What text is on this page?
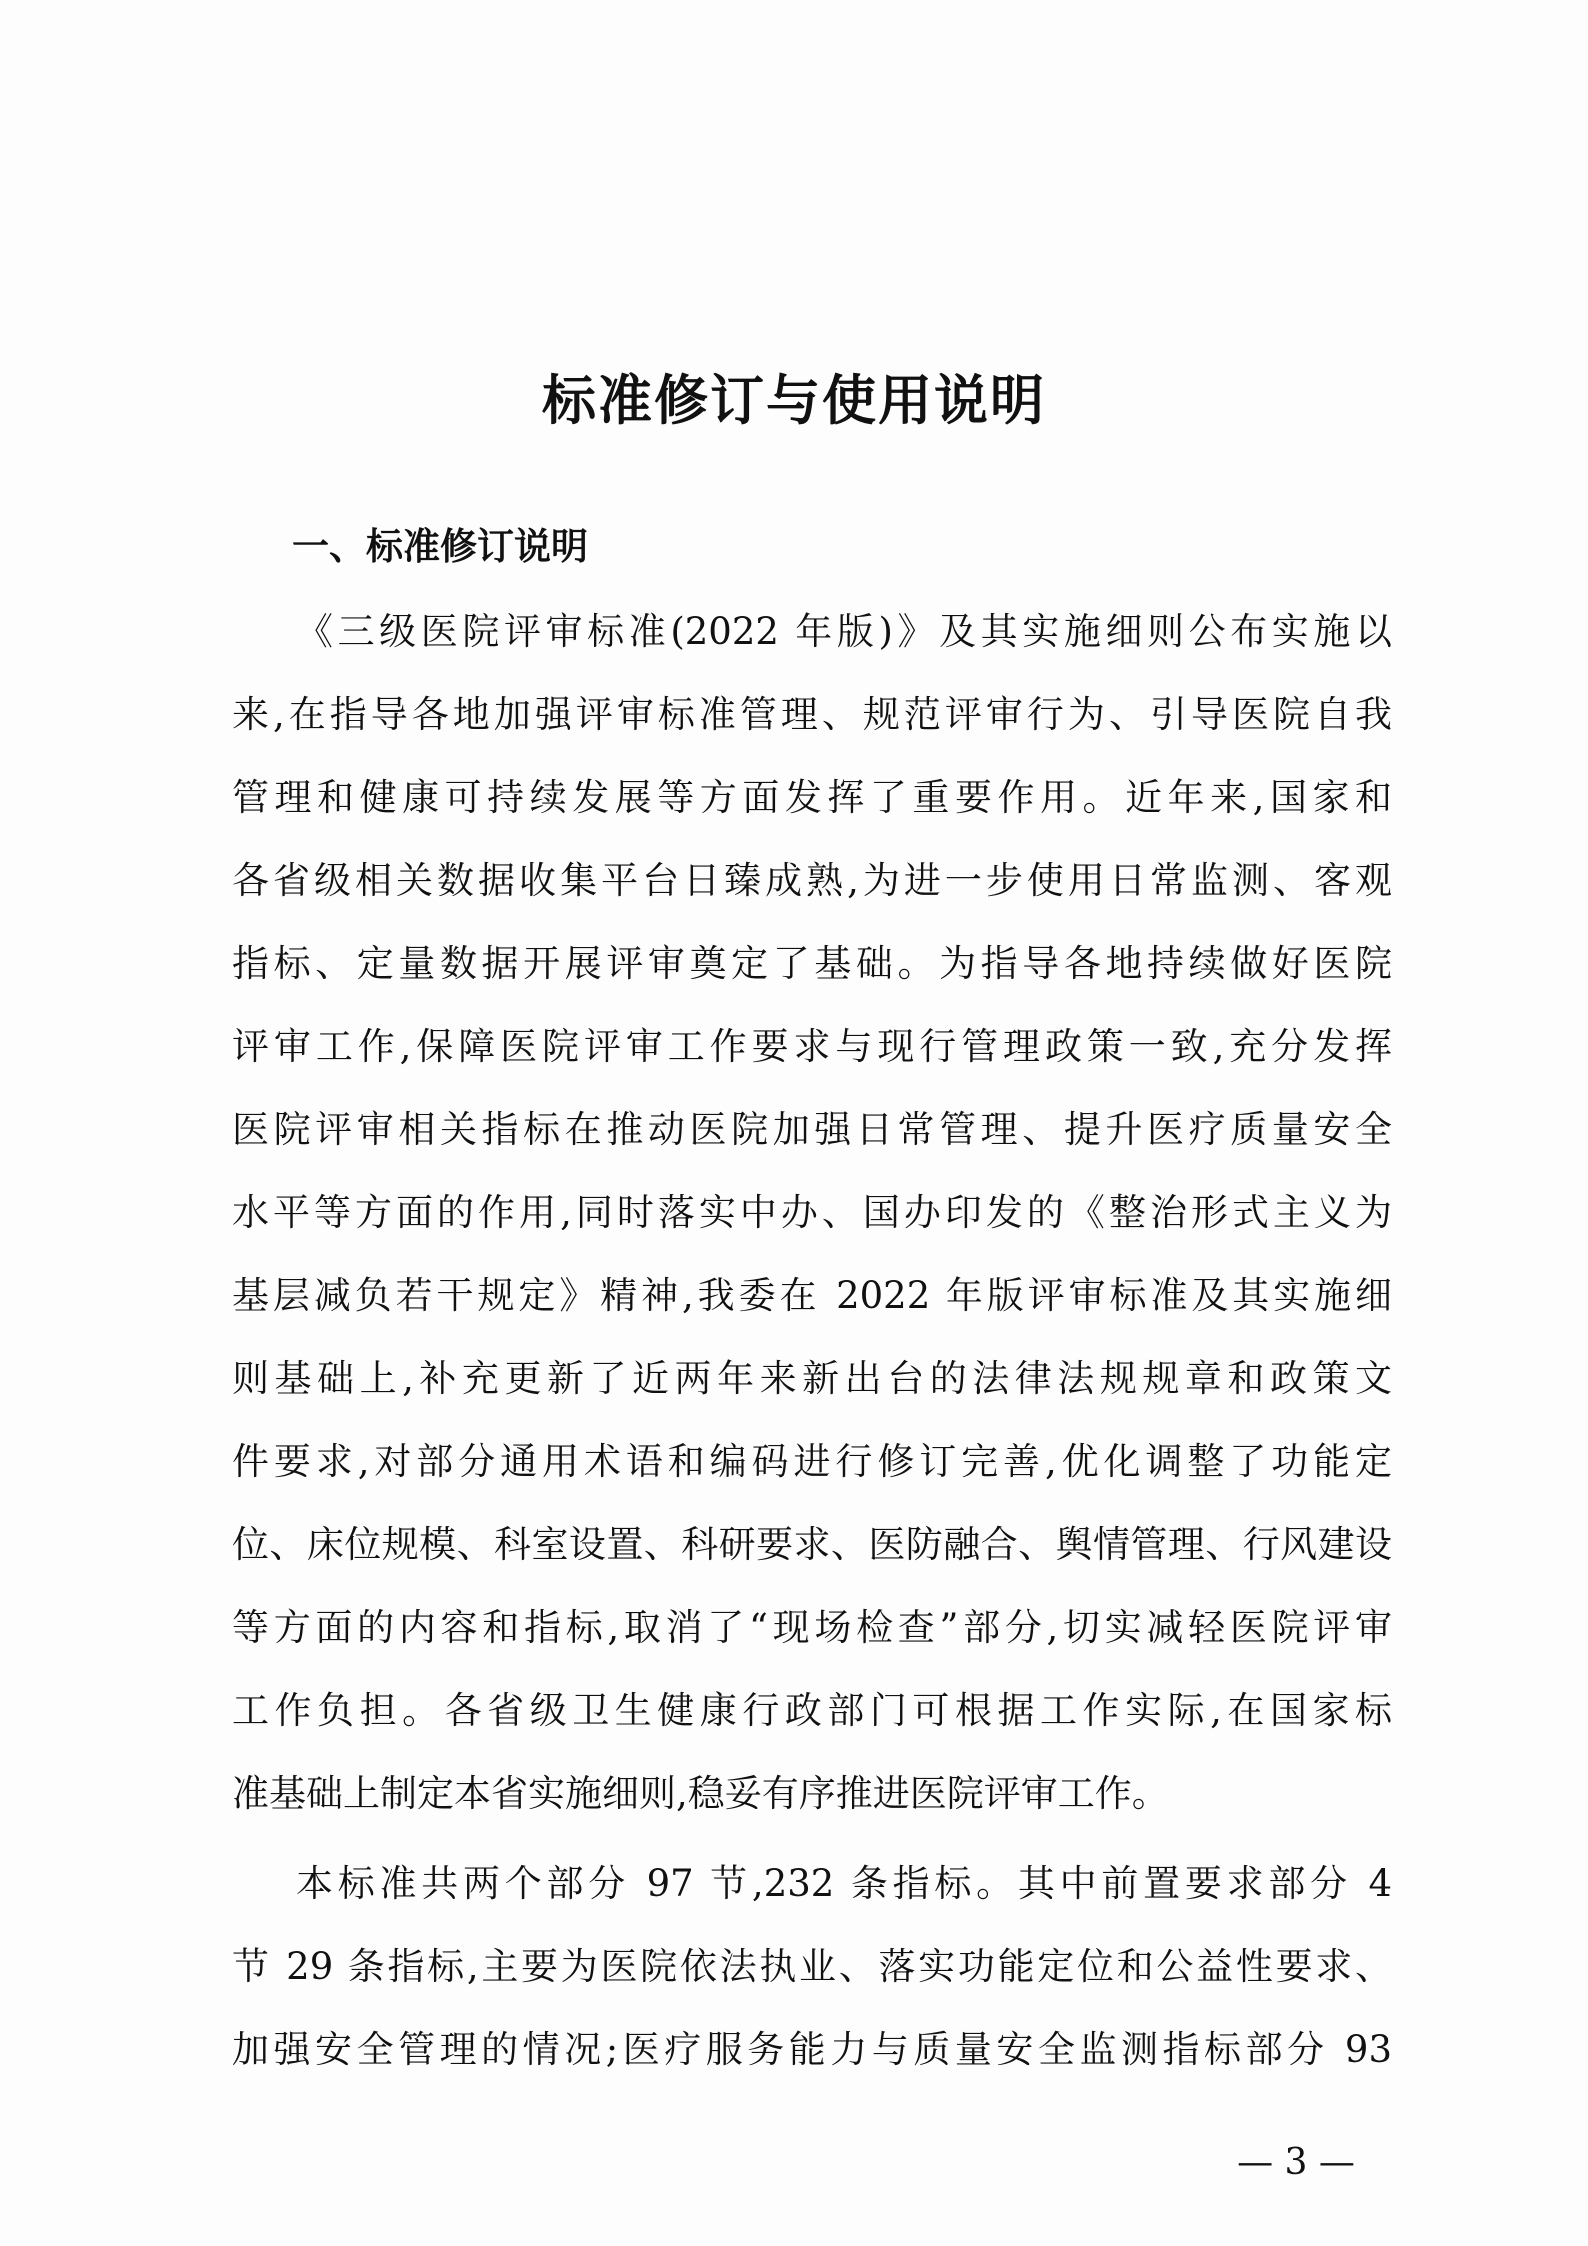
标准修订与使用说明
一、标准修订说明

《三级医院评审标准(2022 年版)》及其实施细则公布实施以

来,在指导各地加强评审标准管理、规范评审行为、引导医院自我

管理和健康可持续发展等方面发挥了重要作用。近年来,国家和

各省级相关数据收集平台日臻成熟,为进一步使用日常监测、客观

指标、定量数据开展评审奠定了基础。为指导各地持续做好医院

评审工作,保障医院评审工作要求与现行管理政策一致,充分发挥

医院评审相关指标在推动医院加强日常管理、提升医疗质量安全

水平等方面的作用,同时落实中办、国办印发的《整治形式主义为

基层减负若干规定》精神,我委在 2022 年版评审标准及其实施细

则基础上,补充更新了近两年来新出台的法律法规规章和政策文

件要求,对部分通用术语和编码进行修订完善,优化调整了功能定

位、床位规模、科室设置、科研要求、医防融合、舆情管理、行风建设

等方面的内容和指标,取消了“现场检查”部分,切实减轻医院评审

工作负担。各省级卫生健康行政部门可根据工作实际,在国家标

准基础上制定本省实施细则,稳妥有序推进医院评审工作。

本标准共两个部分 97 节,232 条指标。其中前置要求部分 4

节 29 条指标,主要为医院依法执业、落实功能定位和公益性要求、

加强安全管理的情况;医疗服务能力与质量安全监测指标部分 93

— 3 —
